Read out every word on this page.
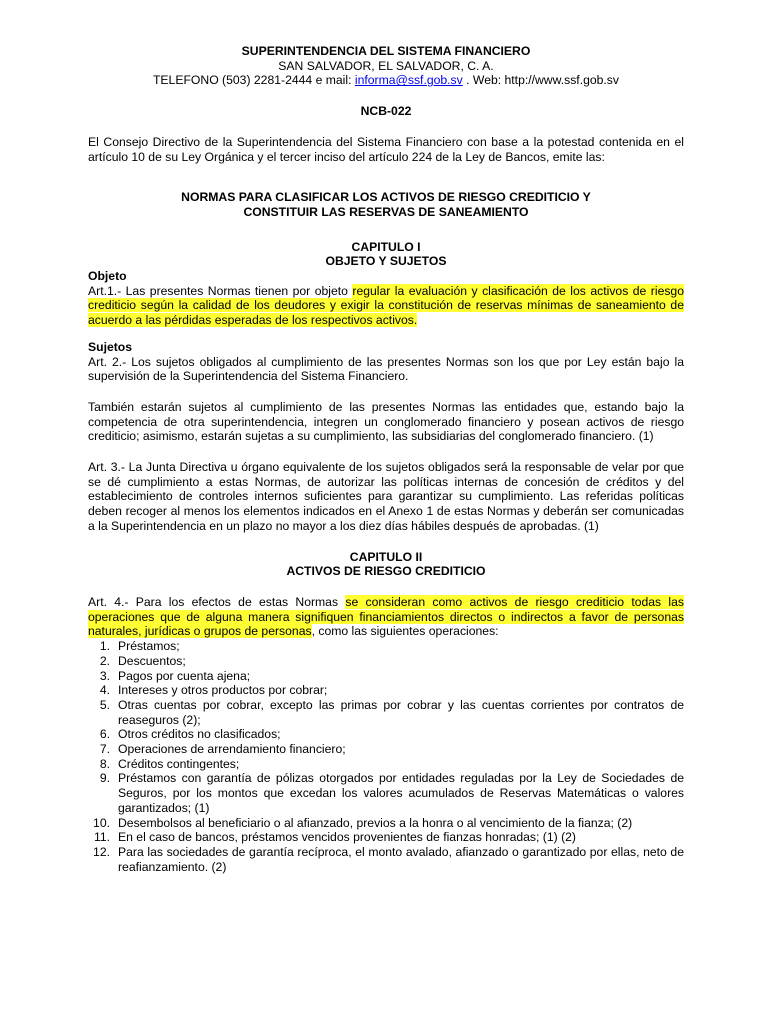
SUPERINTENDENCIA DEL SISTEMA FINANCIERO
SAN SALVADOR, EL SALVADOR, C. A.
TELEFONO (503) 2281-2444 e mail: informa@ssf.gob.sv . Web: http://www.ssf.gob.sv
NCB-022

El Consejo Directivo de la Superintendencia del Sistema Financiero con base a la potestad contenida en el artículo 10 de su Ley Orgánica y el tercer inciso del artículo 224 de la Ley de Bancos, emite las:

NORMAS PARA CLASIFICAR LOS ACTIVOS DE RIESGO CREDITICIO Y
CONSTITUIR LAS RESERVAS DE SANEAMIENTO
CAPITULO I
OBJETO Y SUJETOS
Objeto

Art.1.- Las presentes Normas tienen por objeto regular la evaluación y clasificación de los activos de riesgo crediticio según la calidad de los deudores y exigir la constitución de reservas mínimas de saneamiento de acuerdo a las pérdidas esperadas de los respectivos activos.

Sujetos

Art. 2.- Los sujetos obligados al cumplimiento de las presentes Normas son los que por Ley están bajo la supervisión de la Superintendencia del Sistema Financiero.

También estarán sujetos al cumplimiento de las presentes Normas las entidades que, estando bajo la competencia de otra superintendencia, integren un conglomerado financiero y posean activos de riesgo crediticio; asimismo, estarán sujetas a su cumplimiento, las subsidiarias del conglomerado financiero. (1)

Art. 3.- La Junta Directiva u órgano equivalente de los sujetos obligados será la responsable de velar por que se dé cumplimiento a estas Normas, de autorizar las políticas internas de concesión de créditos y del establecimiento de controles internos suficientes para garantizar su cumplimiento. Las referidas políticas deben recoger al menos los elementos indicados en el Anexo 1 de estas Normas y deberán ser comunicadas a la Superintendencia en un plazo no mayor a los diez días hábiles después de aprobadas. (1)

CAPITULO II
ACTIVOS DE RIESGO CREDITICIO

Art. 4.- Para los efectos de estas Normas se consideran como activos de riesgo crediticio todas las operaciones que de alguna manera signifiquen financiamientos directos o indirectos a favor de personas naturales, jurídicas o grupos de personas, como las siguientes operaciones:

1. Préstamos;
2. Descuentos;
3. Pagos por cuenta ajena;
4. Intereses y otros productos por cobrar;
5. Otras cuentas por cobrar, excepto las primas por cobrar y las cuentas corrientes por contratos de reaseguros (2);
6. Otros créditos no clasificados;
7. Operaciones de arrendamiento financiero;
8. Créditos contingentes;
9. Préstamos con garantía de pólizas otorgados por entidades reguladas por la Ley de Sociedades de Seguros, por los montos que excedan los valores acumulados de Reservas Matemáticas o valores garantizados; (1)
10. Desembolsos al beneficiario o al afianzado, previos a la honra o al vencimiento de la fianza; (2)
11. En el caso de bancos, préstamos vencidos provenientes de fianzas honradas; (1) (2)
12. Para las sociedades de garantía recíproca, el monto avalado, afianzado o garantizado por ellas, neto de reafianzamiento. (2)
